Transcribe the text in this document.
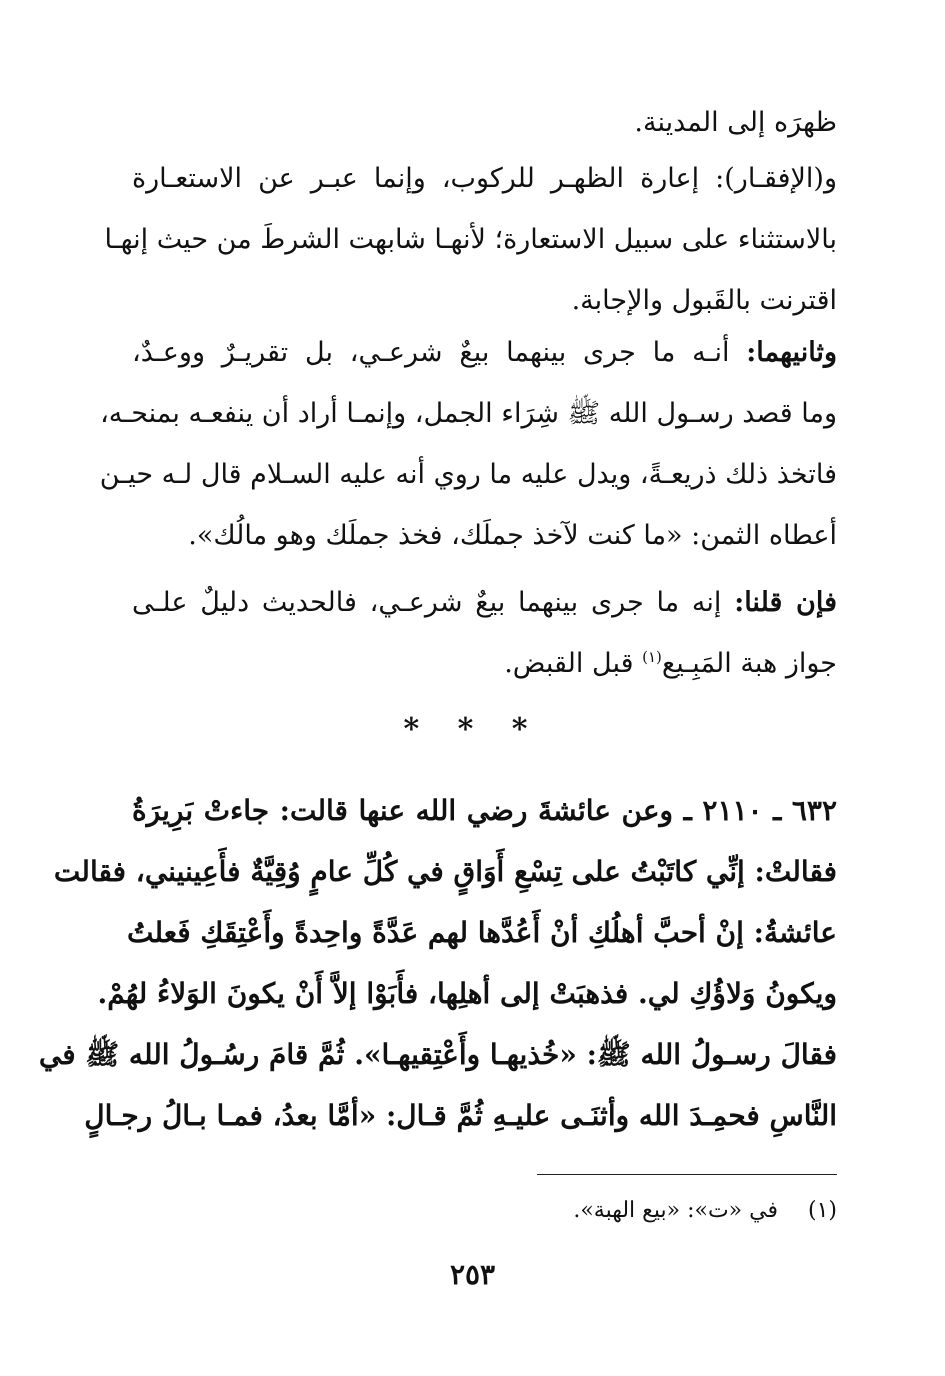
ظهرَه إلى المدينة.
و(الإفقـار): إعارة الظهـر للركوب، وإنما عبـر عن الاستعـارة
بالاستثناء على سبيل الاستعارة؛ لأنهـا شابهت الشرطَ من حيث إنهـا
اقترنت بالقَبول والإجابة.
وثانيهما: أنـه ما جرى بينهما بيعٌ شرعـي، بل تقريـرٌ ووعـدٌ،
وما قصد رسـول الله ﷺ شِرَاء الجمل، وإنمـا أراد أن ينفعـه بمنحـه،
فاتخذ ذلك ذريعـةً، ويدل عليه ما روي أنه عليه السـلام قال لـه حيـن
أعطاه الثمن: «ما كنت لآخذ جملَك، فخذ جملَك وهو مالُك».
فإن قلنا: إنه ما جرى بينهما بيعٌ شرعـي، فالحديث دليلٌ علـى
جواز هبة المَبِـيع$^{(١)}$ قبل القبض.
* * *
٦٣٢ ـ ٢١١٠ ـ وعن عائشةَ رضي الله عنها قالت: جاءتْ بَرِيرَةُ
فقالتْ: إنِّي كاتَبْتُ على تِسْعِ أَوَاقٍ في كُلِّ عامٍ وُقِيَّةٌ فأَعِينيني، فقالت
عائشةُ: إنْ أحبَّ أهلُكِ أنْ أَعُدَّها لهم عَدَّةً واحِدةً وأَعْتِقَكِ فَعلتُ
ويكونُ وَلاؤُكِ لي. فذهبَتْ إلى أهلِها، فأَبَوْا إلاَّ أَنْ يكونَ الوَلاءُ لهُمْ.
فقالَ رسـولُ الله ﷺ: «خُذيهـا وأَعْتِقيهـا». ثُمَّ قامَ رسُـولُ الله ﷺ في
النَّاسِ فحمِـدَ الله وأثنَـى عليـهِ ثُمَّ قـال: «أمَّا بعدُ، فمـا بـالُ رجـالٍ
(١)  في «ت»: «بيع الهبة».
٢٥٣
